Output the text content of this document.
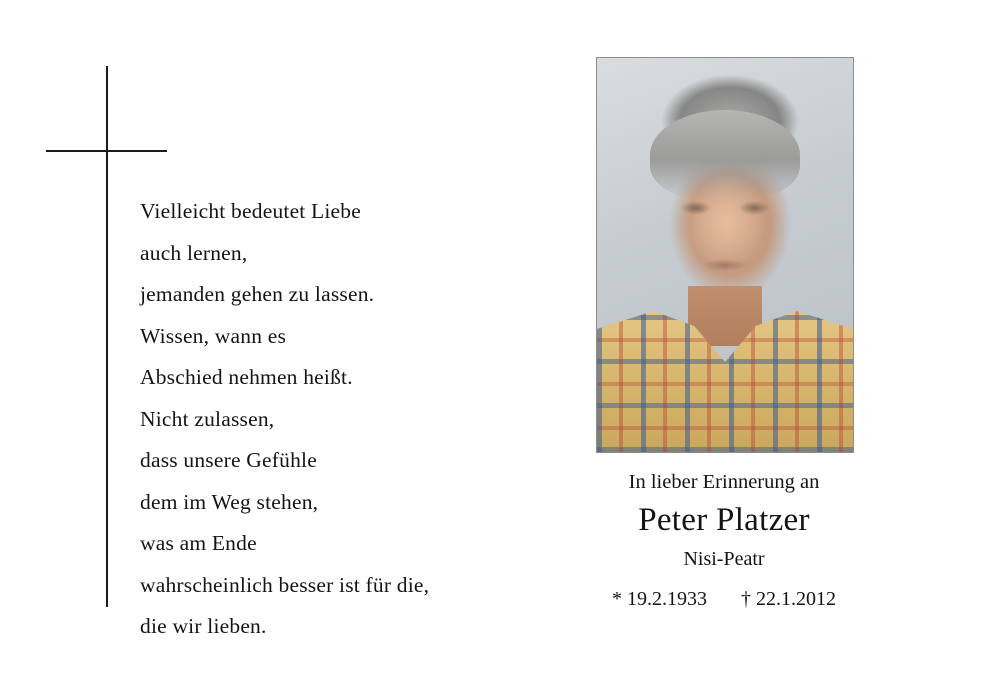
Vielleicht bedeutet Liebe
auch lernen,
jemanden gehen zu lassen.
Wissen, wann es
Abschied nehmen heißt.
Nicht zulassen,
dass unsere Gefühle
dem im Weg stehen,
was am Ende
wahrscheinlich besser ist für die,
die wir lieben.
In lieber Erinnerung an
Peter Platzer
Nisi-Peatr
* 19.2.1933 † 22.1.2012
